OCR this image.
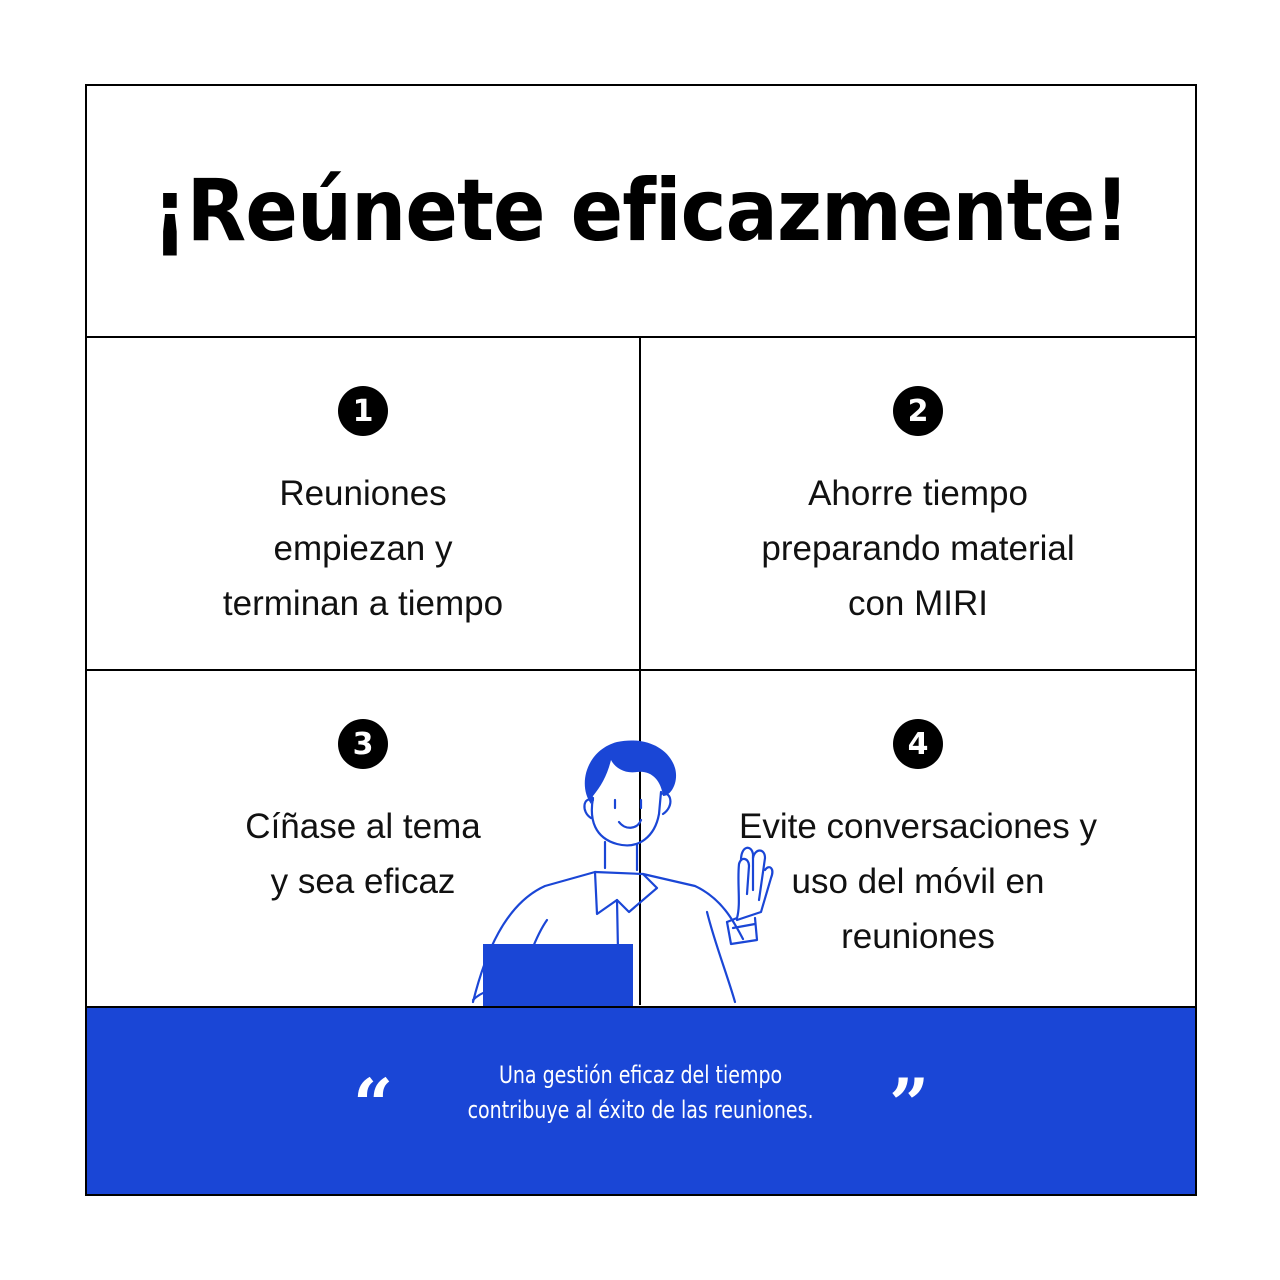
¡Reúnete eficazmente!
1
Reuniones
empiezan y
terminan a tiempo
2
Ahorre tiempo
preparando material
con MIRI
3
Cíñase al tema
y sea eficaz
4
Evite conversaciones y
uso del móvil en
reuniones
“	Una gestión eficaz del tiempo
contribuye al éxito de las reuniones. ”
